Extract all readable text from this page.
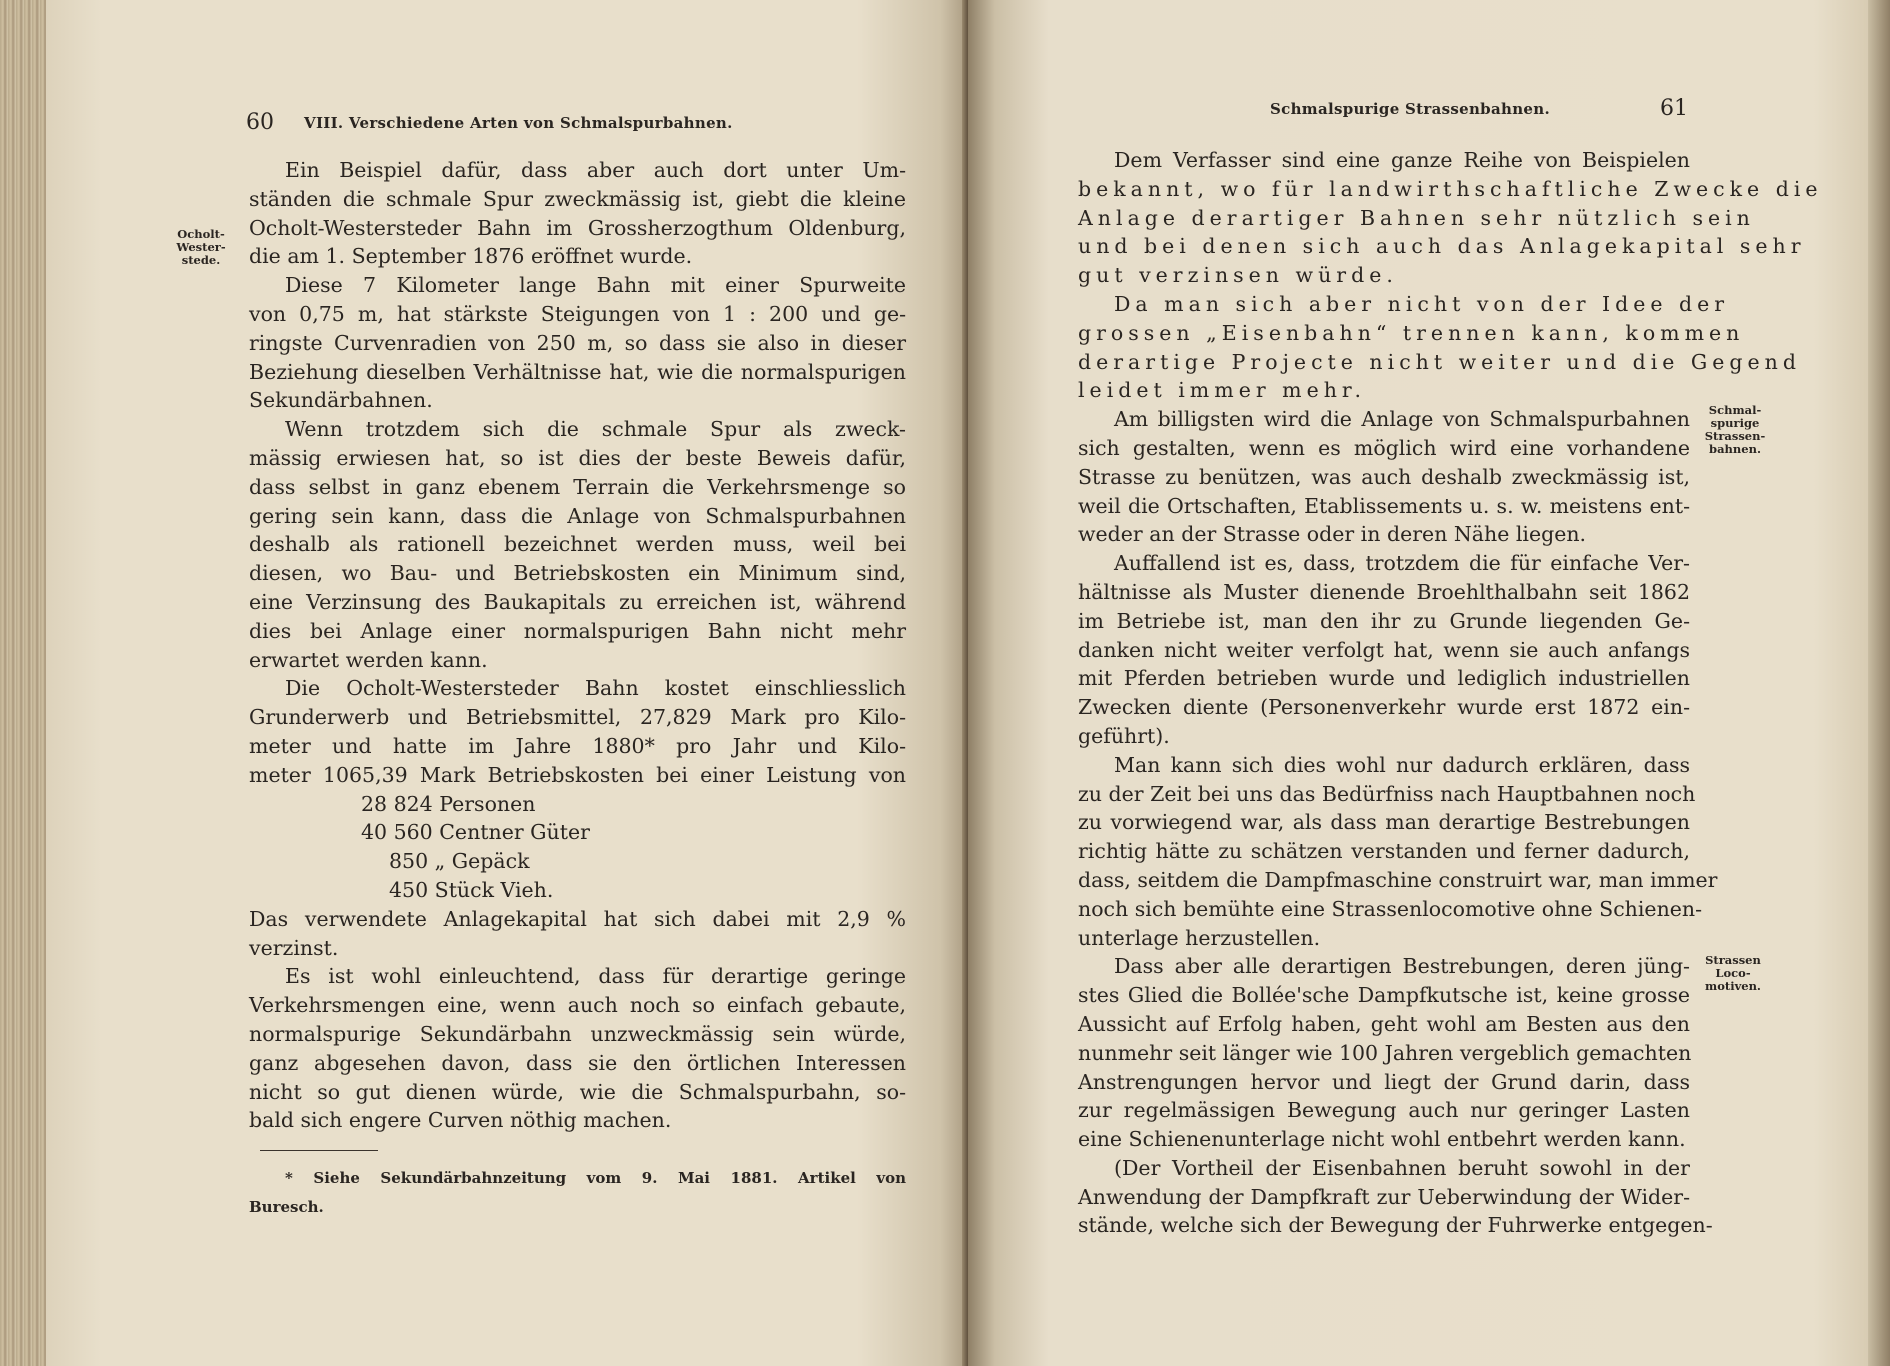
60 VIII. Verschiedene Arten von Schmalspurbahnen.
Ocholt-
Wester-
stede.
Ein Beispiel dafür, dass aber auch dort unter Um-
ständen die schmale Spur zweckmässig ist, giebt die kleine
Ocholt-Westersteder Bahn im Grossherzogthum Oldenburg,
die am 1. September 1876 eröffnet wurde.
Diese 7 Kilometer lange Bahn mit einer Spurweite
von 0,75 m, hat stärkste Steigungen von 1 : 200 und ge-
ringste Curvenradien von 250 m, so dass sie also in dieser
Beziehung dieselben Verhältnisse hat, wie die normalspurigen
Sekundärbahnen.
Wenn trotzdem sich die schmale Spur als zweck-
mässig erwiesen hat, so ist dies der beste Beweis dafür,
dass selbst in ganz ebenem Terrain die Verkehrsmenge so
gering sein kann, dass die Anlage von Schmalspurbahnen
deshalb als rationell bezeichnet werden muss, weil bei
diesen, wo Bau- und Betriebskosten ein Minimum sind,
eine Verzinsung des Baukapitals zu erreichen ist, während
dies bei Anlage einer normalspurigen Bahn nicht mehr
erwartet werden kann.
Die Ocholt-Westersteder Bahn kostet einschliesslich
Grunderwerb und Betriebsmittel, 27,829 Mark pro Kilo-
meter und hatte im Jahre 1880* pro Jahr und Kilo-
meter 1065,39 Mark Betriebskosten bei einer Leistung von
28 824 Personen
40 560 Centner Güter
850 „ Gepäck
450 Stück Vieh.
Das verwendete Anlagekapital hat sich dabei mit 2,9 %
verzinst.
Es ist wohl einleuchtend, dass für derartige geringe
Verkehrsmengen eine, wenn auch noch so einfach gebaute,
normalspurige Sekundärbahn unzweckmässig sein würde,
ganz abgesehen davon, dass sie den örtlichen Interessen
nicht so gut dienen würde, wie die Schmalspurbahn, so-
bald sich engere Curven nöthig machen.
* Siehe Sekundärbahnzeitung vom 9. Mai 1881. Artikel von
Buresch.
Schmalspurige Strassenbahnen.	61
Schmal-
spurige
Strassen-
bahnen.
Strassen
Loco-
motiven.
Dem Verfasser sind eine ganze Reihe von Beispielen
bekannt, wo für landwirthschaftliche Zwecke die
Anlage derartiger Bahnen sehr nützlich sein
und bei denen sich auch das Anlagekapital sehr
gut verzinsen würde.
Da man sich aber nicht von der Idee der
grossen „Eisenbahn“ trennen kann, kommen
derartige Projecte nicht weiter und die Gegend
leidet immer mehr.
Am billigsten wird die Anlage von Schmalspurbahnen
sich gestalten, wenn es möglich wird eine vorhandene
Strasse zu benützen, was auch deshalb zweckmässig ist,
weil die Ortschaften, Etablissements u. s. w. meistens ent-
weder an der Strasse oder in deren Nähe liegen.
Auffallend ist es, dass, trotzdem die für einfache Ver-
hältnisse als Muster dienende Broehlthalbahn seit 1862
im Betriebe ist, man den ihr zu Grunde liegenden Ge-
danken nicht weiter verfolgt hat, wenn sie auch anfangs
mit Pferden betrieben wurde und lediglich industriellen
Zwecken diente (Personenverkehr wurde erst 1872 ein-
geführt).
Man kann sich dies wohl nur dadurch erklären, dass
zu der Zeit bei uns das Bedürfniss nach Hauptbahnen noch
zu vorwiegend war, als dass man derartige Bestrebungen
richtig hätte zu schätzen verstanden und ferner dadurch,
dass, seitdem die Dampfmaschine construirt war, man immer
noch sich bemühte eine Strassenlocomotive ohne Schienen-
unterlage herzustellen.
Dass aber alle derartigen Bestrebungen, deren jüng-
stes Glied die Bollée'sche Dampfkutsche ist, keine grosse
Aussicht auf Erfolg haben, geht wohl am Besten aus den
nunmehr seit länger wie 100 Jahren vergeblich gemachten
Anstrengungen hervor und liegt der Grund darin, dass
zur regelmässigen Bewegung auch nur geringer Lasten
eine Schienenunterlage nicht wohl entbehrt werden kann.
(Der Vortheil der Eisenbahnen beruht sowohl in der
Anwendung der Dampfkraft zur Ueberwindung der Wider-
stände, welche sich der Bewegung der Fuhrwerke entgegen-
